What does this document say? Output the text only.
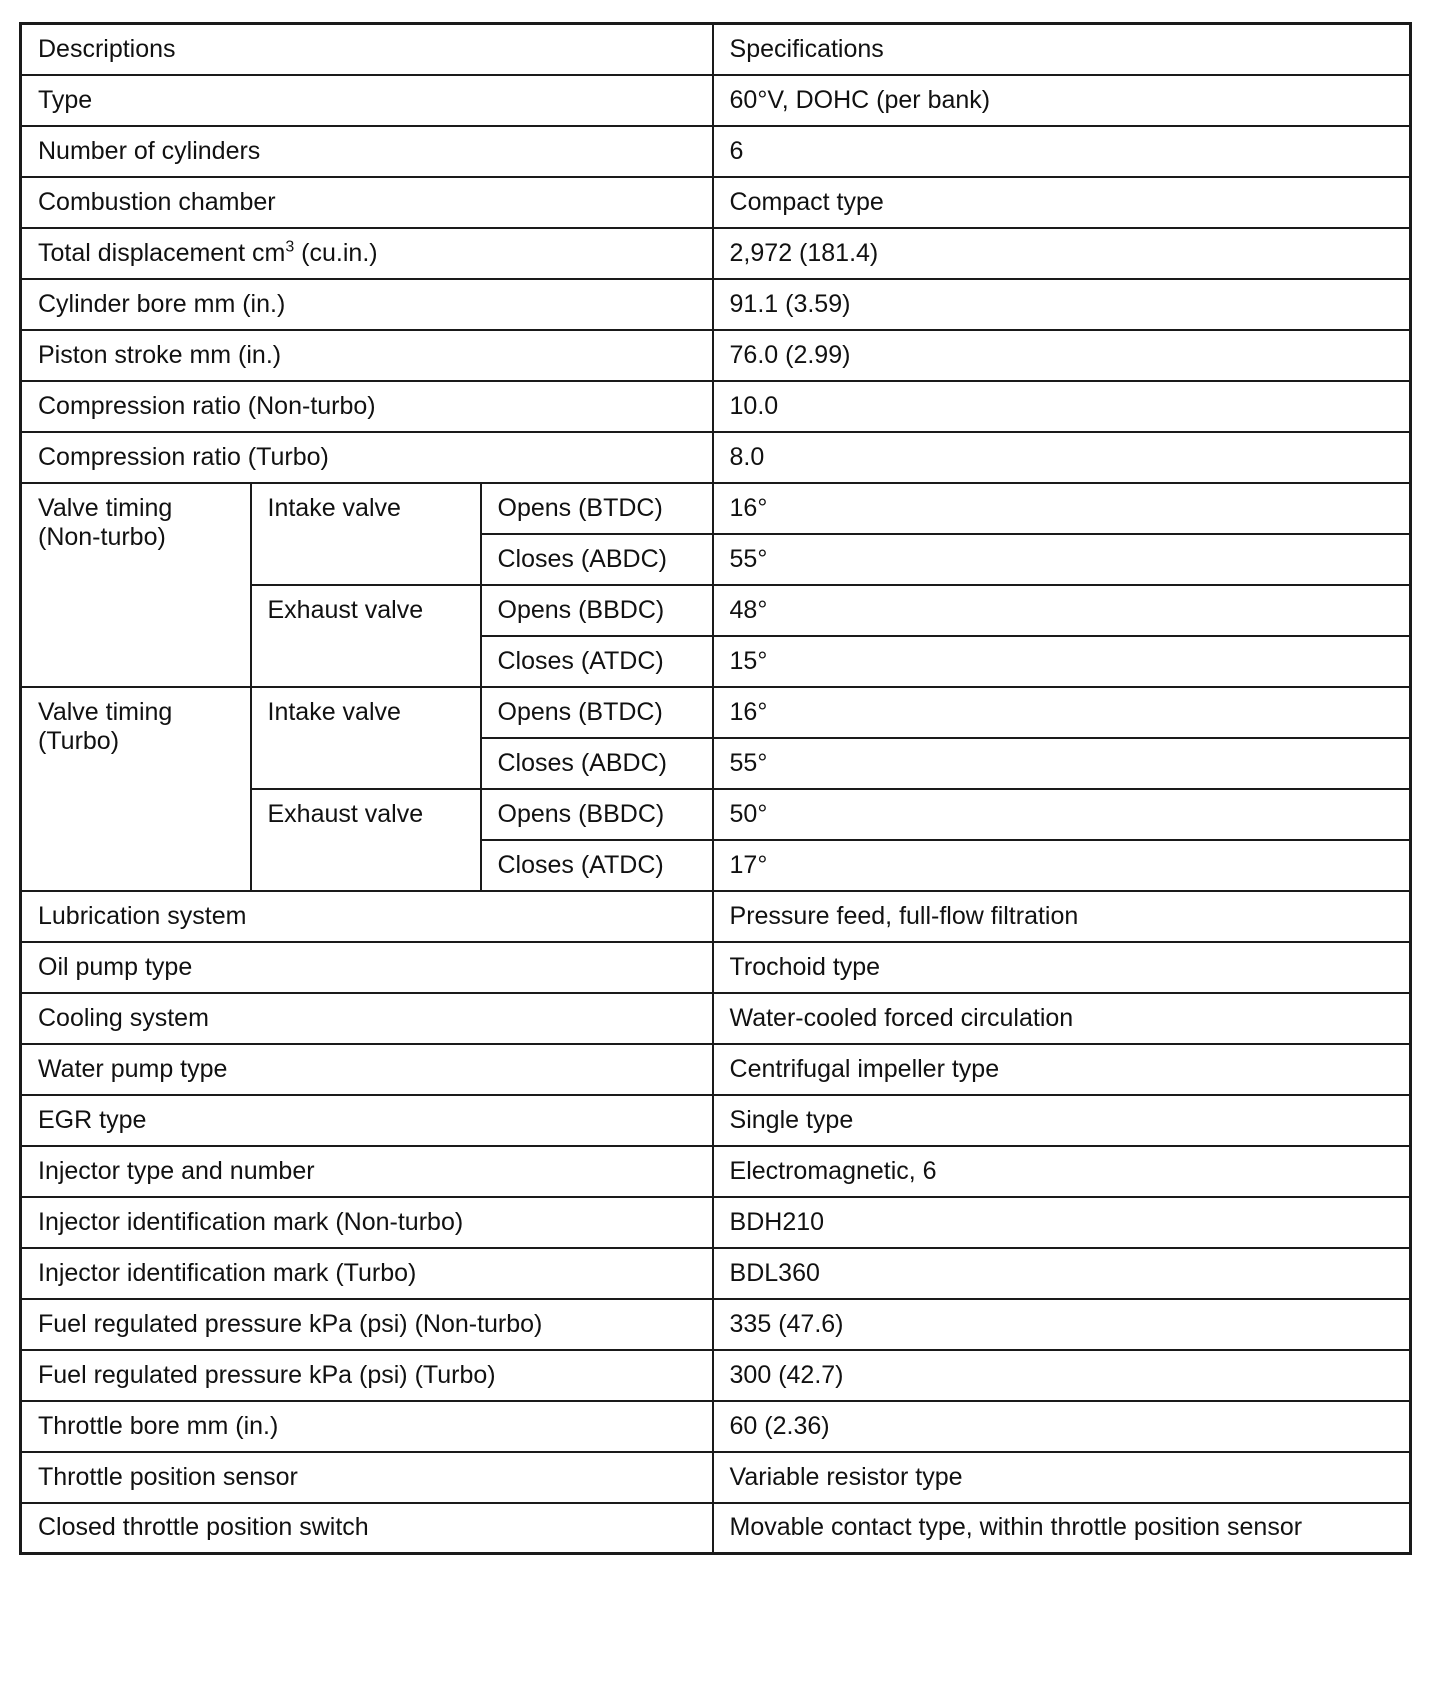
Descriptions			Specifications
Type			60°V, DOHC (per bank)
Number of cylinders			6
Combustion chamber			Compact type
Total displacement $cm^3$ (cu.in.)			2,972 (181.4)
Cylinder bore mm (in.)			91.1 (3.59)
Piston stroke mm (in.)			76.0 (2.99)
Compression ratio (Non-turbo)			10.0
Compression ratio (Turbo)			8.0

Valve timing
(Non-turbo)	Intake valve	Opens (BTDC)	16°
		Closes (ABDC)	55°
	Exhaust valve	Opens (BBDC)	48°
		Closes (ATDC)	15°

Valve timing
(Turbo)	Intake valve	Opens (BTDC)	16°
		Closes (ABDC)	55°
	Exhaust valve	Opens (BBDC)	50°
		Closes (ATDC)	17°
Lubrication system			Pressure feed, full-flow filtration
Oil pump type			Trochoid type
Cooling system			Water-cooled forced circulation
Water pump type			Centrifugal impeller type
EGR type			Single type
Injector type and number			Electromagnetic, 6
Injector identification mark (Non-turbo)			BDH210
Injector identification mark (Turbo)			BDL360
Fuel regulated pressure kPa (psi) (Non-turbo)			335 (47.6)
Fuel regulated pressure kPa (psi) (Turbo)			300 (42.7)
Throttle bore mm (in.)			60 (2.36)
Throttle position sensor			Variable resistor type
Closed throttle position switch			Movable contact type, within throttle position sensor
